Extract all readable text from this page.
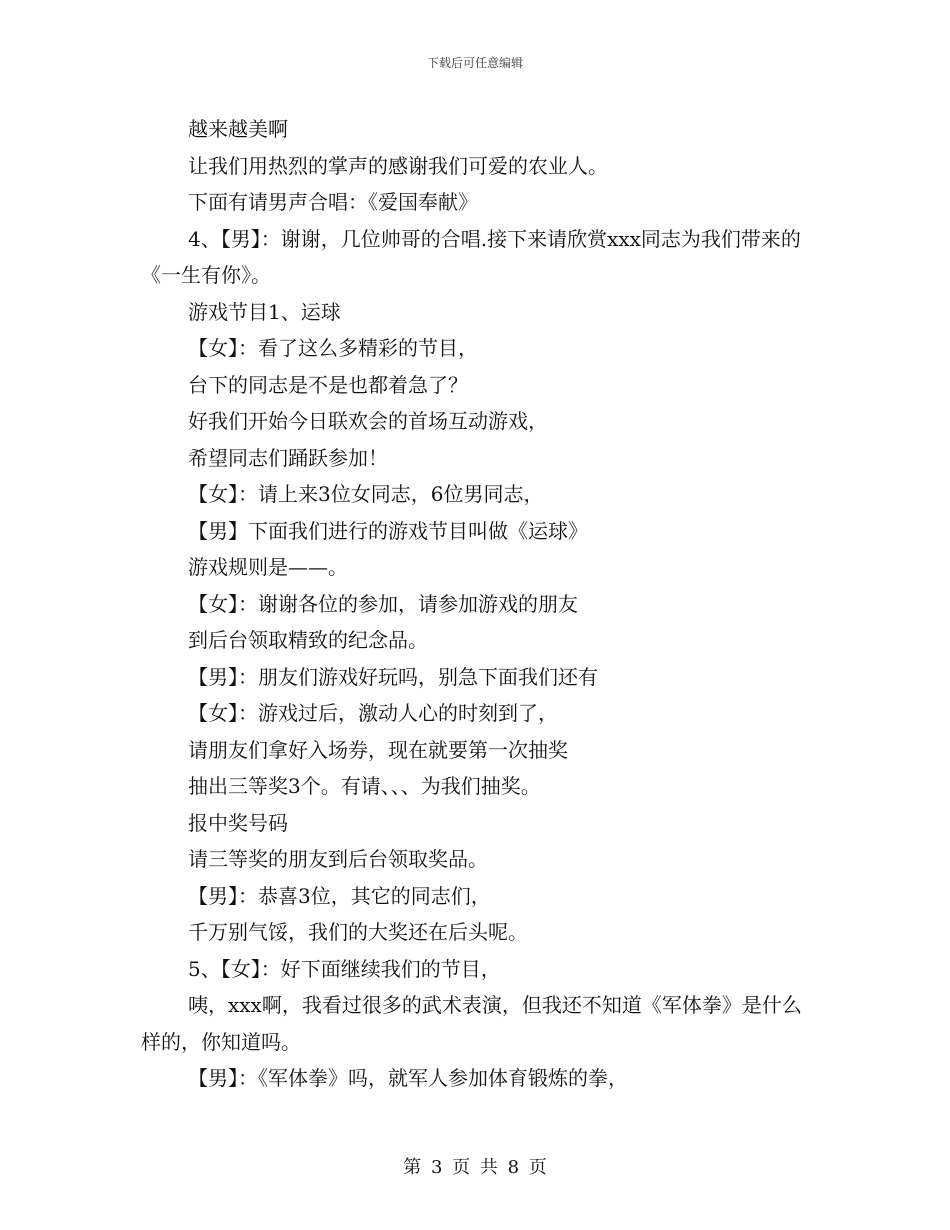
下载后可任意编辑

越来越美啊

让我们用热烈的掌声的感谢我们可爱的农业人。

下面有请男声合唱：《爱国奉献》

4、【男】：谢谢，几位帅哥的合唱.接下来请欣赏xxx同志为我们带来的《一生有你》。

游戏节目1、运球

【女】：看了这么多精彩的节目，

台下的同志是不是也都着急了？

好我们开始今日联欢会的首场互动游戏，

希望同志们踊跃参加！

【女】：请上来3位女同志，6位男同志，

【男】下面我们进行的游戏节目叫做《运球》

游戏规则是——。

【女】：谢谢各位的参加，请参加游戏的朋友

到后台领取精致的纪念品。

【男】：朋友们游戏好玩吗，别急下面我们还有

【女】：游戏过后，激动人心的时刻到了，

请朋友们拿好入场券，现在就要第一次抽奖

抽出三等奖3个。有请、、、为我们抽奖。

报中奖号码

请三等奖的朋友到后台领取奖品。

【男】：恭喜3位，其它的同志们，

千万别气馁，我们的大奖还在后头呢。

5、【女】：好下面继续我们的节目，

咦，xxx啊，我看过很多的武术表演，但我还不知道《军体拳》是什么样的，你知道吗。

【男】：《军体拳》吗，就军人参加体育锻炼的拳，

第 3 页 共 8 页
